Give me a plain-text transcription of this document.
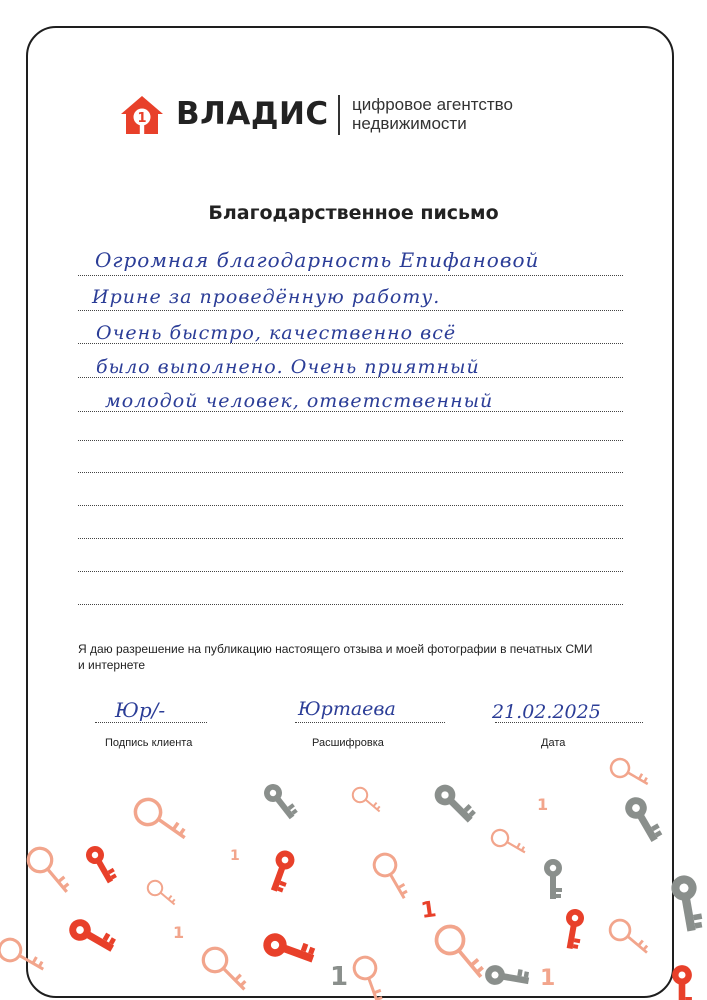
1 ВЛАДИС цифровое агентство
недвижимости
Благодарственное письмо
Огромная благодарность Епифановой
Ирине за проведённую работу.
Очень быстро, качественно всё
было выполнено. Очень приятный
молодой человек, ответственный
Я даю разрешение на публикацию настоящего отзыва и моей фотографии в печатных СМИ и интернете
Юр/-	Юртаева	21.02.2025
Подпись клиента	Расшифровка	Дата
1
1
1
1	1
1
